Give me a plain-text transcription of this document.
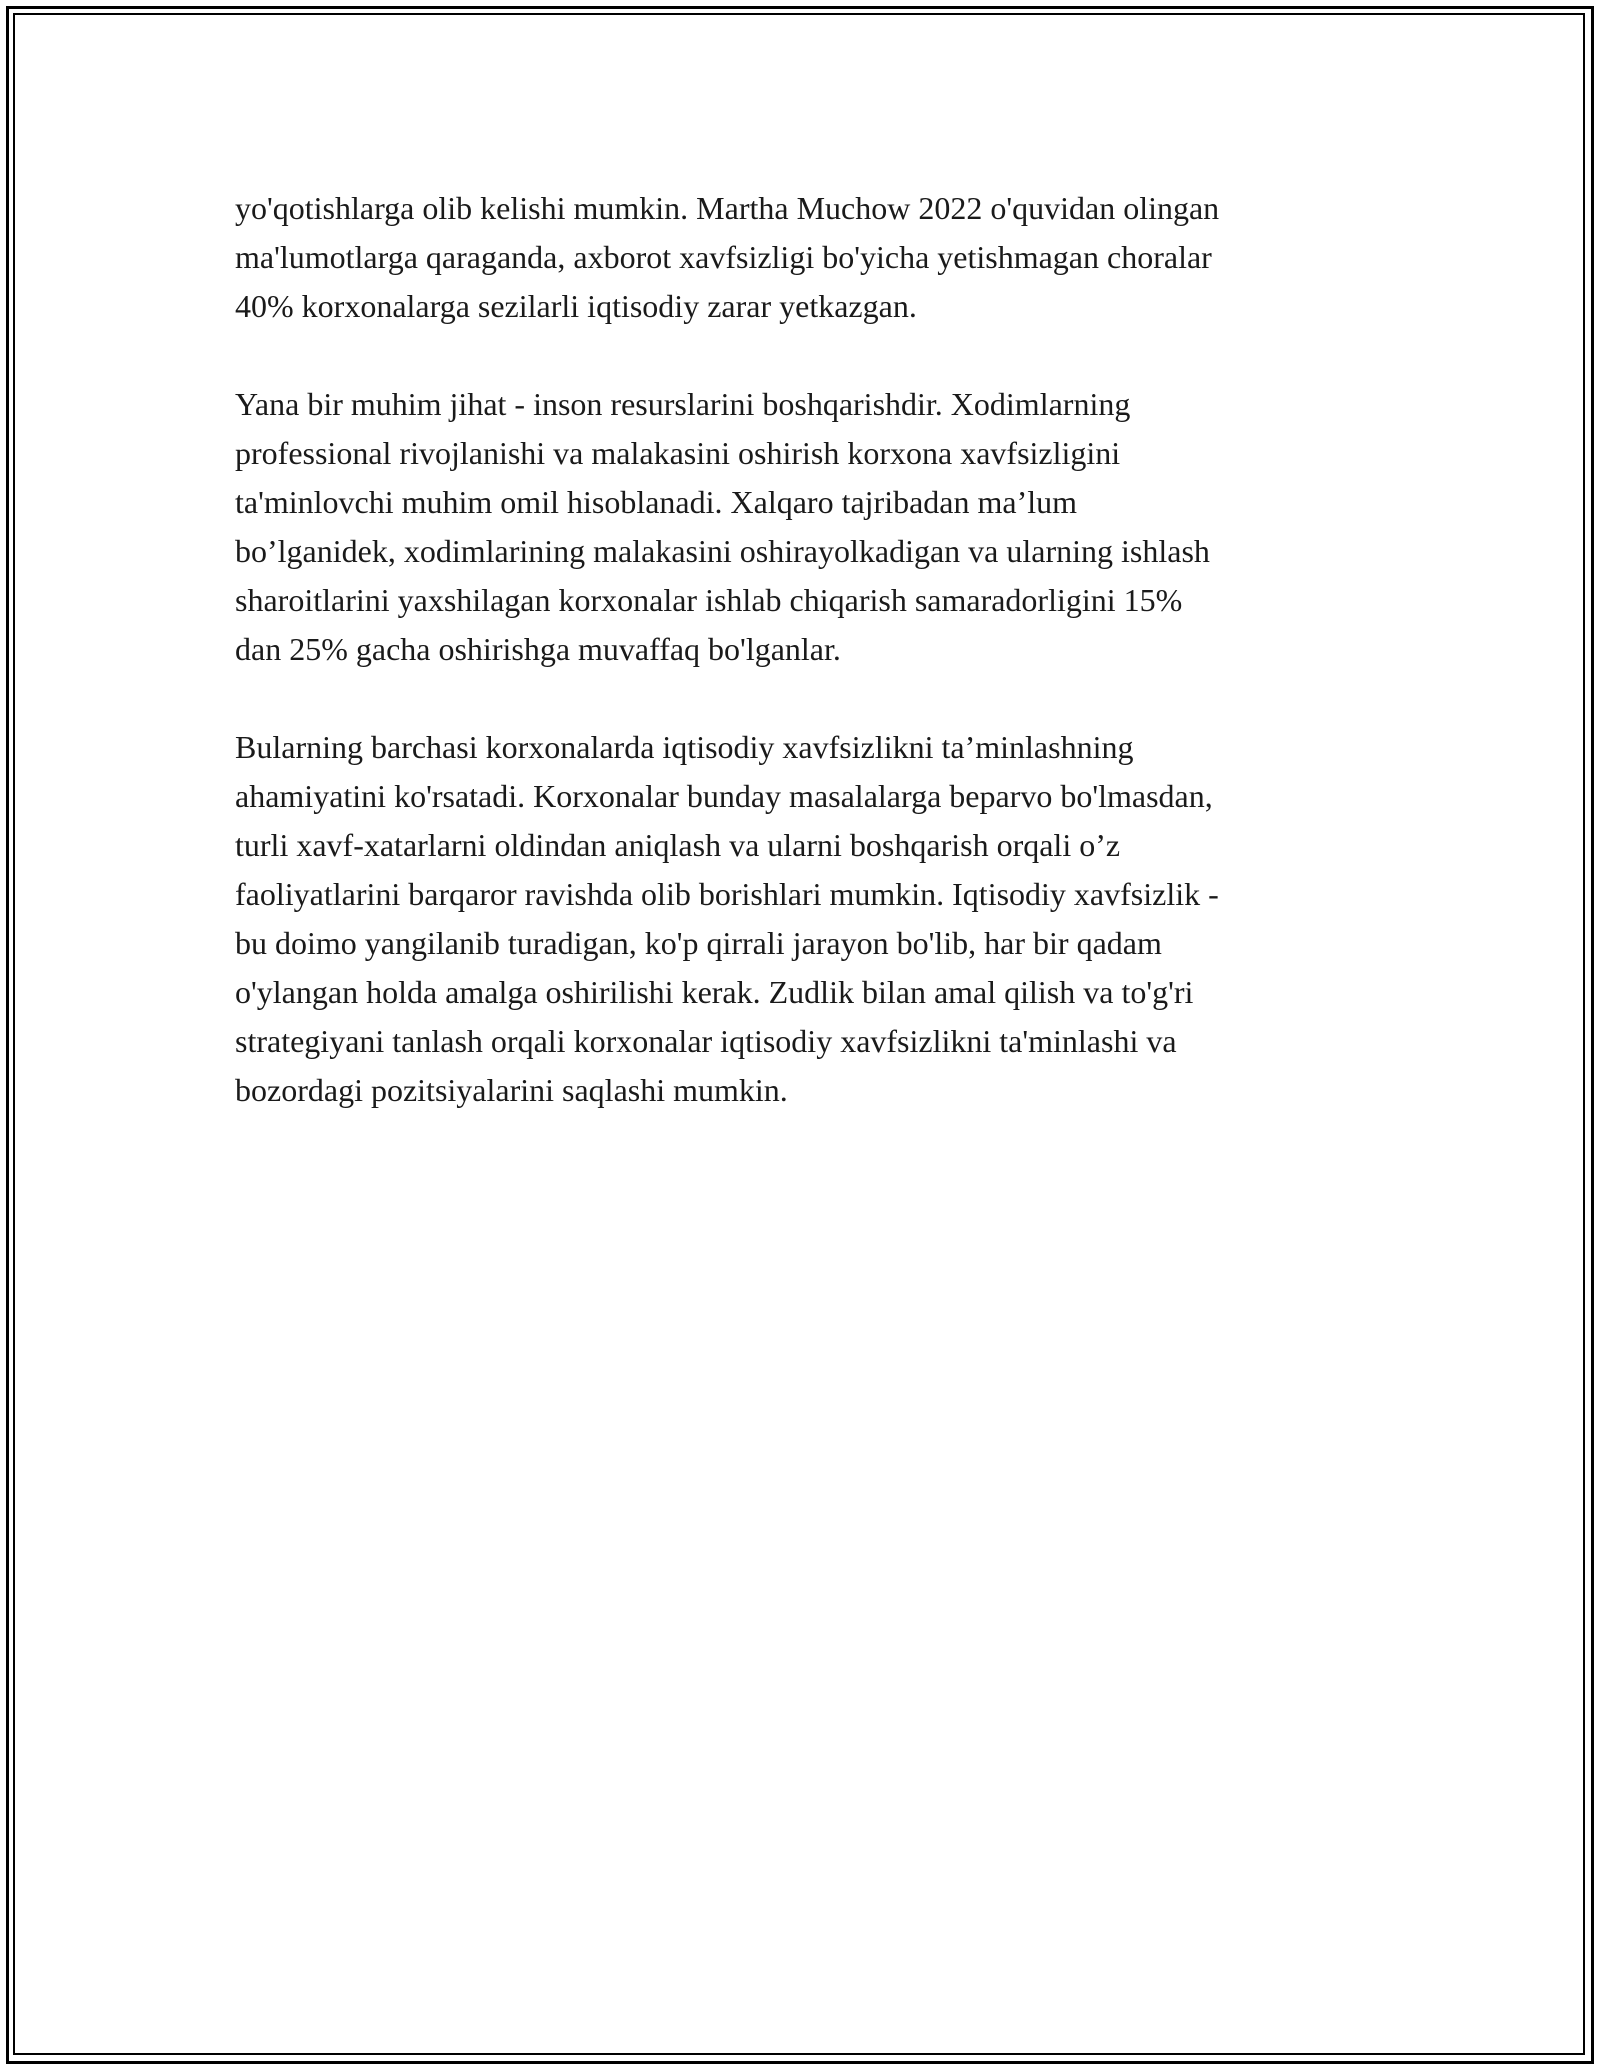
yo'qotishlarga olib kelishi mumkin. Martha Muchow 2022 o'quvidan olingan
ma'lumotlarga qaraganda, axborot xavfsizligi bo'yicha yetishmagan choralar
40% korxonalarga sezilarli iqtisodiy zarar yetkazgan.

Yana bir muhim jihat - inson resurslarini boshqarishdir. Xodimlarning
professional rivojlanishi va malakasini oshirish korxona xavfsizligini
ta'minlovchi muhim omil hisoblanadi. Xalqaro tajribadan ma’lum
bo’lganidek, xodimlarining malakasini oshirayolkadigan va ularning ishlash
sharoitlarini yaxshilagan korxonalar ishlab chiqarish samaradorligini 15%
dan 25% gacha oshirishga muvaffaq bo'lganlar.

Bularning barchasi korxonalarda iqtisodiy xavfsizlikni ta’minlashning
ahamiyatini ko'rsatadi. Korxonalar bunday masalalarga beparvo bo'lmasdan,
turli xavf-xatarlarni oldindan aniqlash va ularni boshqarish orqali o’z
faoliyatlarini barqaror ravishda olib borishlari mumkin. Iqtisodiy xavfsizlik -
bu doimo yangilanib turadigan, ko'p qirrali jarayon bo'lib, har bir qadam
o'ylangan holda amalga oshirilishi kerak. Zudlik bilan amal qilish va to'g'ri
strategiyani tanlash orqali korxonalar iqtisodiy xavfsizlikni ta'minlashi va
bozordagi pozitsiyalarini saqlashi mumkin.
